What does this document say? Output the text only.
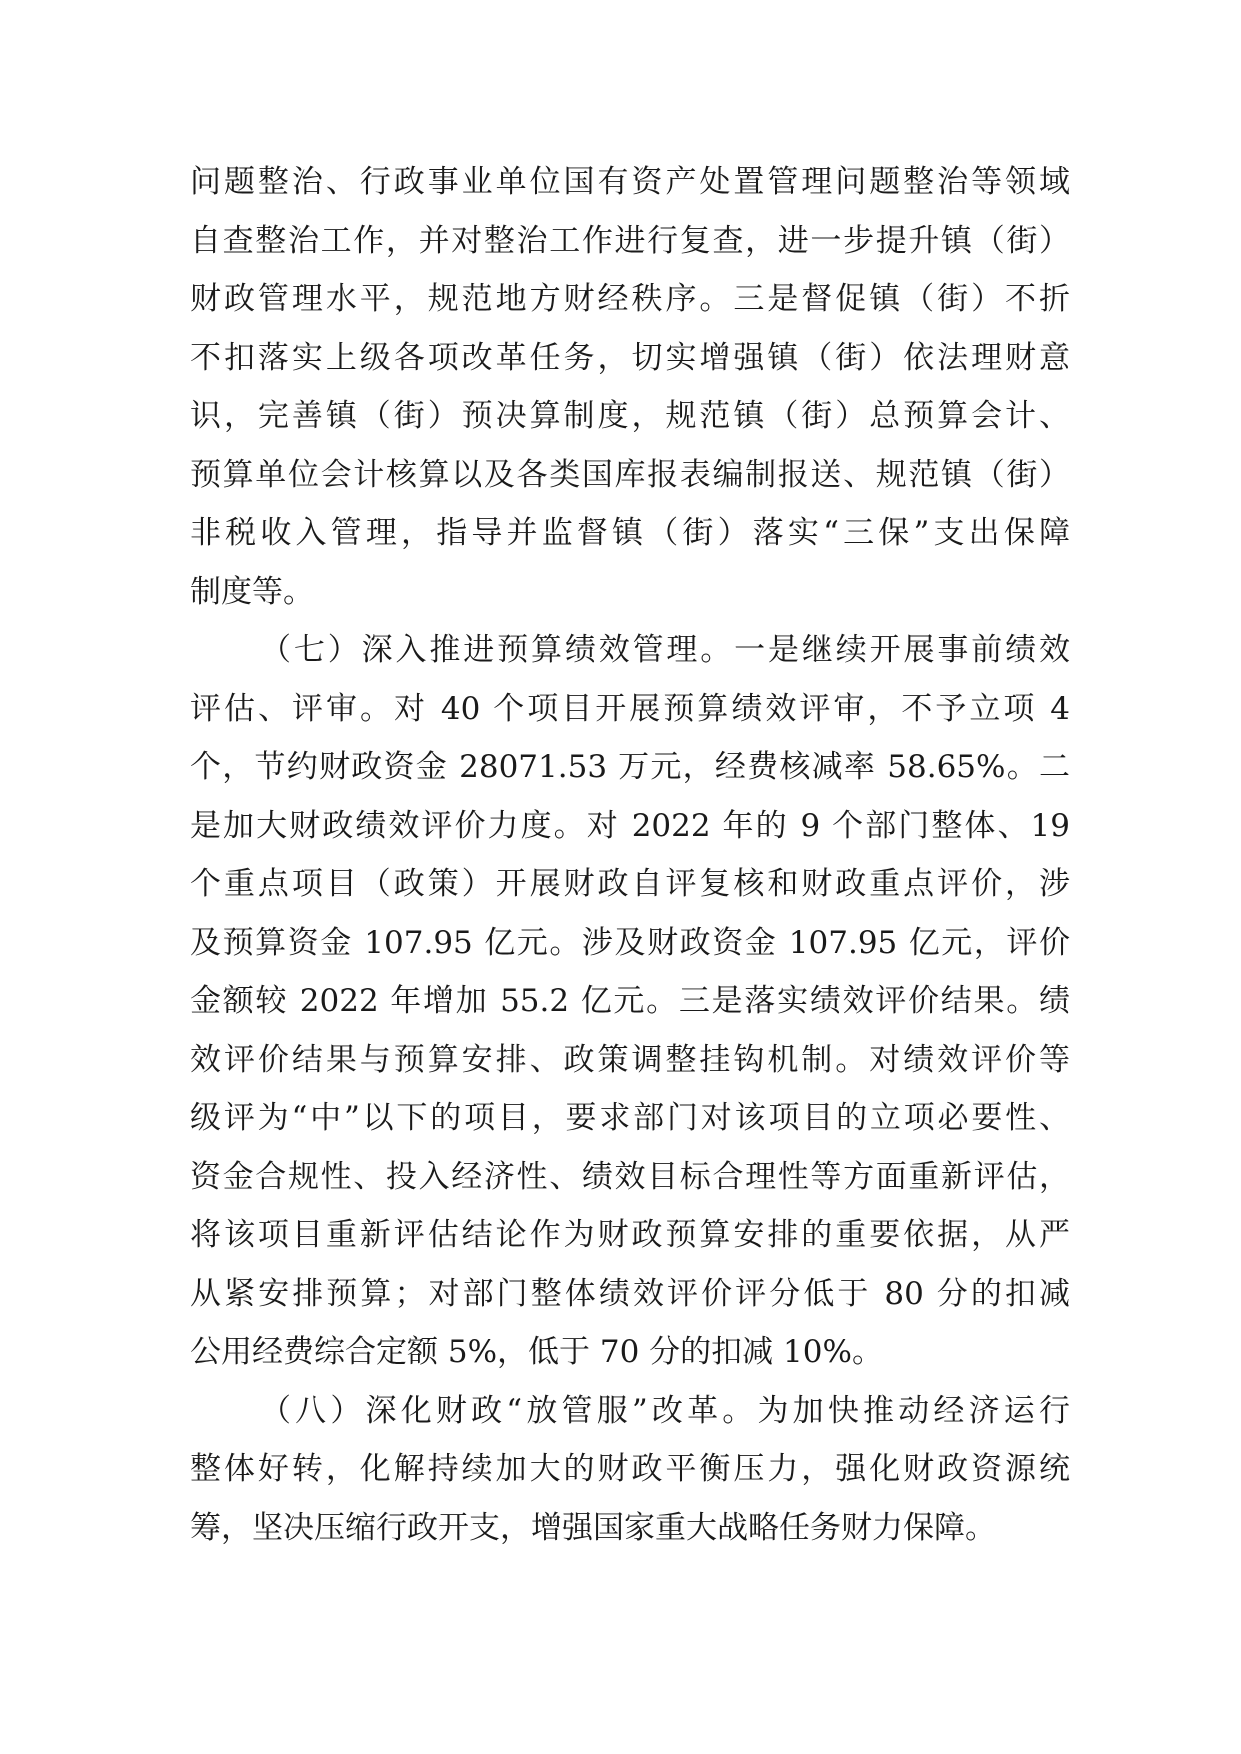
问题整治、行政事业单位国有资产处置管理问题整治等领域
自查整治工作，并对整治工作进行复查，进一步提升镇（街）
财政管理水平，规范地方财经秩序。三是督促镇（街）不折
不扣落实上级各项改革任务，切实增强镇（街）依法理财意
识，完善镇（街）预决算制度，规范镇（街）总预算会计、
预算单位会计核算以及各类国库报表编制报送、规范镇（街）
非税收入管理，指导并监督镇（街）落实“三保”支出保障
制度等。
（七）深入推进预算绩效管理。一是继续开展事前绩效
评估、评审。对 40 个项目开展预算绩效评审，不予立项 4
个，节约财政资金 28071.53 万元，经费核减率 58.65%。二
是加大财政绩效评价力度。对 2022 年的 9 个部门整体、19
个重点项目（政策）开展财政自评复核和财政重点评价，涉
及预算资金 107.95 亿元。涉及财政资金 107.95 亿元，评价
金额较 2022 年增加 55.2 亿元。三是落实绩效评价结果。绩
效评价结果与预算安排、政策调整挂钩机制。对绩效评价等
级评为“中”以下的项目，要求部门对该项目的立项必要性、
资金合规性、投入经济性、绩效目标合理性等方面重新评估，
将该项目重新评估结论作为财政预算安排的重要依据，从严
从紧安排预算；对部门整体绩效评价评分低于 80 分的扣减
公用经费综合定额 5%，低于 70 分的扣减 10%。
（八）深化财政“放管服”改革。为加快推动经济运行
整体好转，化解持续加大的财政平衡压力，强化财政资源统
筹，坚决压缩行政开支，增强国家重大战略任务财力保障。
